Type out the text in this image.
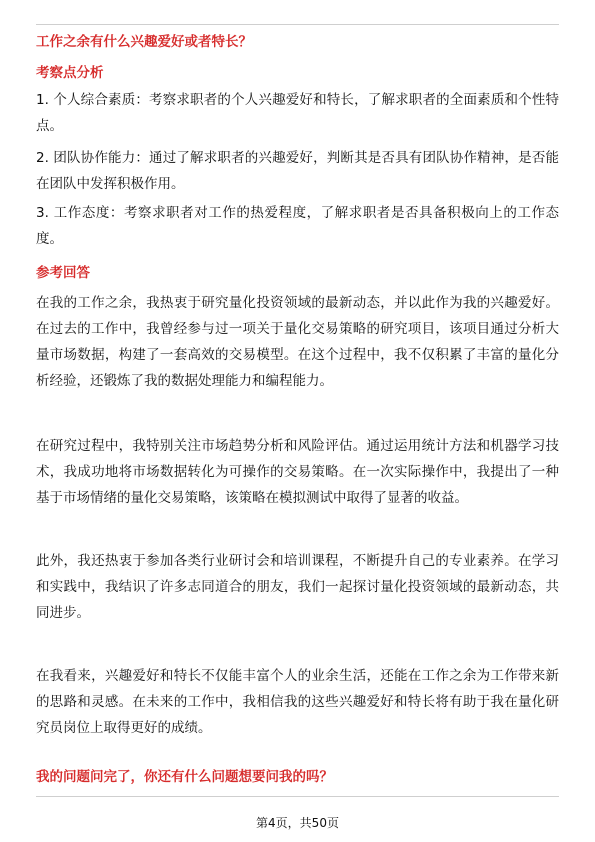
工作之余有什么兴趣爱好或者特长？
考察点分析
1. 个人综合素质：考察求职者的个人兴趣爱好和特长，了解求职者的全面素质和个性特点。
2. 团队协作能力：通过了解求职者的兴趣爱好，判断其是否具有团队协作精神，是否能在团队中发挥积极作用。
3. 工作态度：考察求职者对工作的热爱程度，了解求职者是否具备积极向上的工作态度。
参考回答
在我的工作之余，我热衷于研究量化投资领域的最新动态，并以此作为我的兴趣爱好。在过去的工作中，我曾经参与过一项关于量化交易策略的研究项目，该项目通过分析大量市场数据，构建了一套高效的交易模型。在这个过程中，我不仅积累了丰富的量化分析经验，还锻炼了我的数据处理能力和编程能力。
在研究过程中，我特别关注市场趋势分析和风险评估。通过运用统计方法和机器学习技术，我成功地将市场数据转化为可操作的交易策略。在一次实际操作中，我提出了一种基于市场情绪的量化交易策略，该策略在模拟测试中取得了显著的收益。
此外，我还热衷于参加各类行业研讨会和培训课程，不断提升自己的专业素养。在学习和实践中，我结识了许多志同道合的朋友，我们一起探讨量化投资领域的最新动态，共同进步。
在我看来，兴趣爱好和特长不仅能丰富个人的业余生活，还能在工作之余为工作带来新的思路和灵感。在未来的工作中，我相信我的这些兴趣爱好和特长将有助于我在量化研究员岗位上取得更好的成绩。
我的问题问完了，你还有什么问题想要问我的吗？
第4页，共50页
